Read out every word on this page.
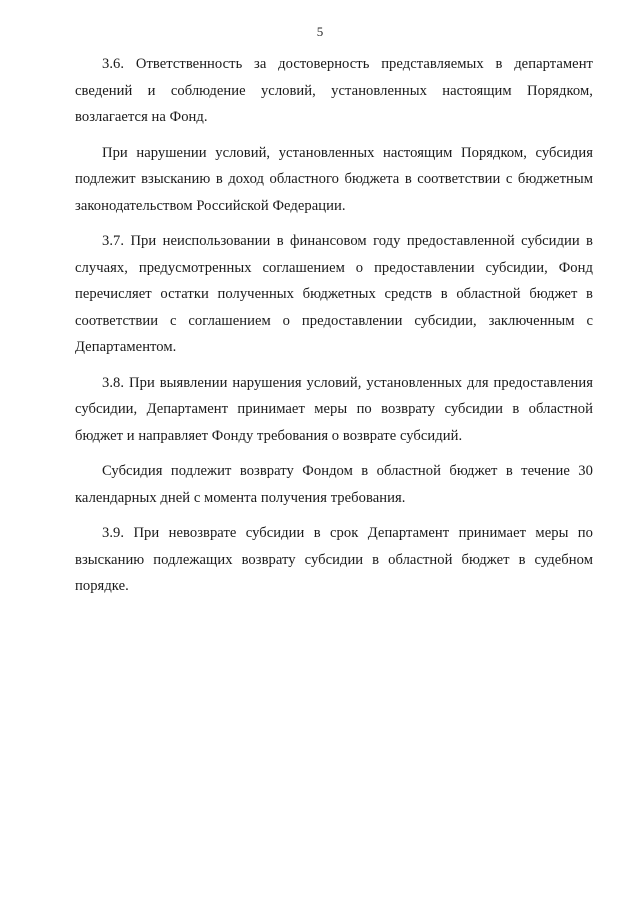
5

3.6. Ответственность за достоверность представляемых в департамент сведений и соблюдение условий, установленных настоящим Порядком, возлагается на Фонд.

При нарушении условий, установленных настоящим Порядком, субсидия подлежит взысканию в доход областного бюджета в соответствии с бюджетным законодательством Российской Федерации.

3.7. При неиспользовании в финансовом году предоставленной субсидии в случаях, предусмотренных соглашением о предоставлении субсидии, Фонд перечисляет остатки полученных бюджетных средств в областной бюджет в соответствии с соглашением о предоставлении субсидии, заключенным с Департаментом.

3.8. При выявлении нарушения условий, установленных для предоставления субсидии, Департамент принимает меры по возврату субсидии в областной бюджет и направляет Фонду требования о возврате субсидий.

Субсидия подлежит возврату Фондом в областной бюджет в течение 30 календарных дней с момента получения требования.

3.9. При невозврате субсидии в срок Департамент принимает меры по взысканию подлежащих возврату субсидии в областной бюджет в судебном порядке.
